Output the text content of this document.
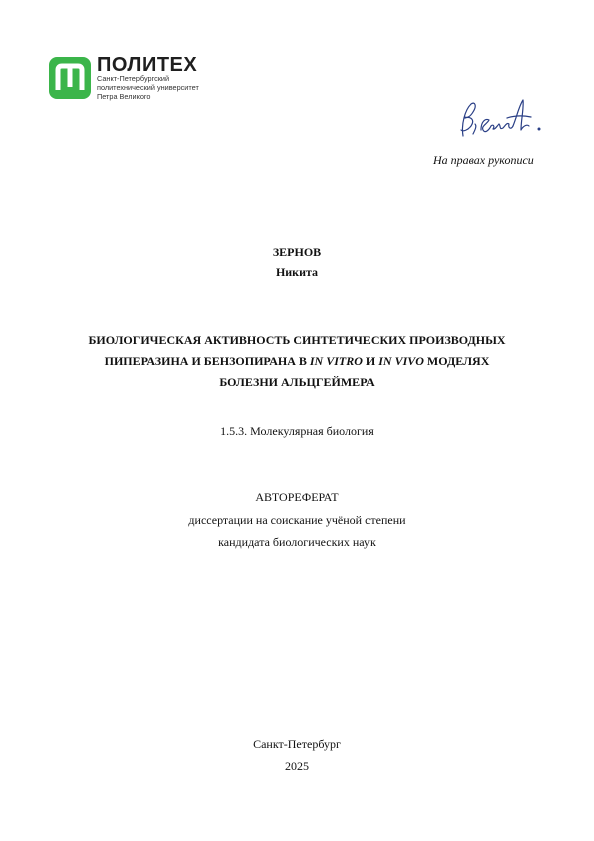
ПОЛИТЕХ
Санкт-Петербургский
политехнический университет
Петра Великого
На правах рукописи
ЗЕРНОВ
Никита
БИОЛОГИЧЕСКАЯ АКТИВНОСТЬ СИНТЕТИЧЕСКИХ ПРОИЗВОДНЫХ
ПИПЕРАЗИНА И БЕНЗОПИРАНА В IN VITRO И IN VIVO МОДЕЛЯХ
БОЛЕЗНИ АЛЬЦГЕЙМЕРА
1.5.3. Молекулярная биология
АВТОРЕФЕРАТ
диссертации на соискание учёной степени
кандидата биологических наук
Санкт-Петербург
2025
